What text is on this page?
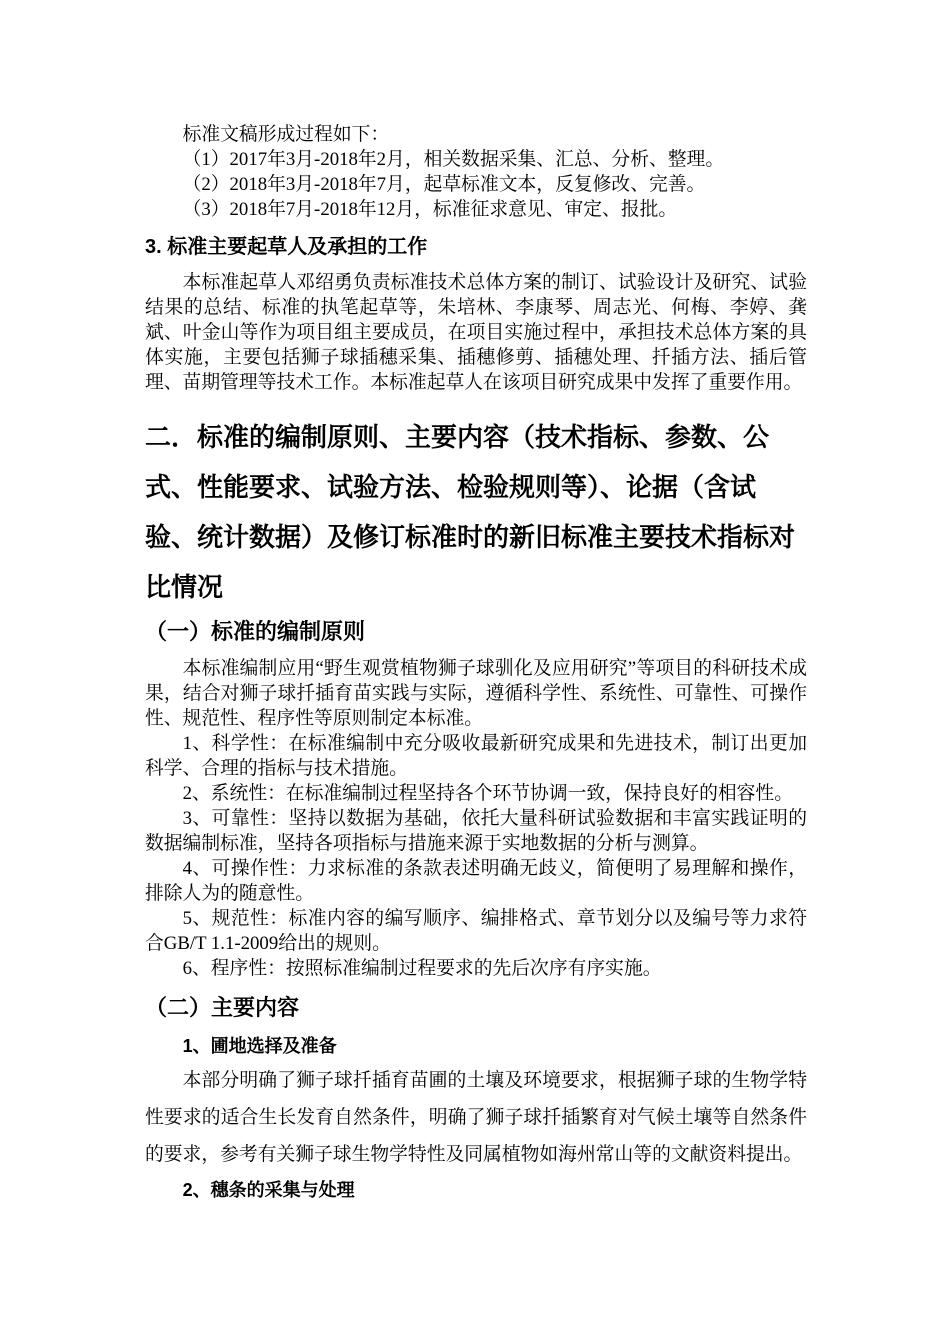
标准文稿形成过程如下：

（1）2017年3月-2018年2月，相关数据采集、汇总、分析、整理。

（2）2018年3月-2018年7月，起草标准文本，反复修改、完善。

（3）2018年7月-2018年12月，标准征求意见、审定、报批。

3. 标准主要起草人及承担的工作

本标准起草人邓绍勇负责标准技术总体方案的制订、试验设计及研究、试验结果的总结、标准的执笔起草等，朱培林、李康琴、周志光、何梅、李婷、龚斌、叶金山等作为项目组主要成员，在项目实施过程中，承担技术总体方案的具体实施，主要包括狮子球插穗采集、插穗修剪、插穗处理、扦插方法、插后管理、苗期管理等技术工作。本标准起草人在该项目研究成果中发挥了重要作用。

二．标准的编制原则、主要内容（技术指标、参数、公式、性能要求、试验方法、检验规则等）、论据（含试验、统计数据）及修订标准时的新旧标准主要技术指标对比情况
（一）标准的编制原则

本标准编制应用“野生观赏植物狮子球驯化及应用研究”等项目的科研技术成果，结合对狮子球扦插育苗实践与实际，遵循科学性、系统性、可靠性、可操作性、规范性、程序性等原则制定本标准。

1、科学性：在标准编制中充分吸收最新研究成果和先进技术，制订出更加科学、合理的指标与技术措施。

2、系统性：在标准编制过程坚持各个环节协调一致，保持良好的相容性。

3、可靠性：坚持以数据为基础，依托大量科研试验数据和丰富实践证明的数据编制标准，坚持各项指标与措施来源于实地数据的分析与测算。

4、可操作性：力求标准的条款表述明确无歧义，简便明了易理解和操作，排除人为的随意性。

5、规范性：标准内容的编写顺序、编排格式、章节划分以及编号等力求符合GB/T 1.1-2009给出的规则。

6、程序性：按照标准编制过程要求的先后次序有序实施。

（二）主要内容
1、圃地选择及准备

本部分明确了狮子球扦插育苗圃的土壤及环境要求，根据狮子球的生物学特性要求的适合生长发育自然条件，明确了狮子球扦插繁育对气候土壤等自然条件的要求，参考有关狮子球生物学特性及同属植物如海州常山等的文献资料提出。

2、穗条的采集与处理
